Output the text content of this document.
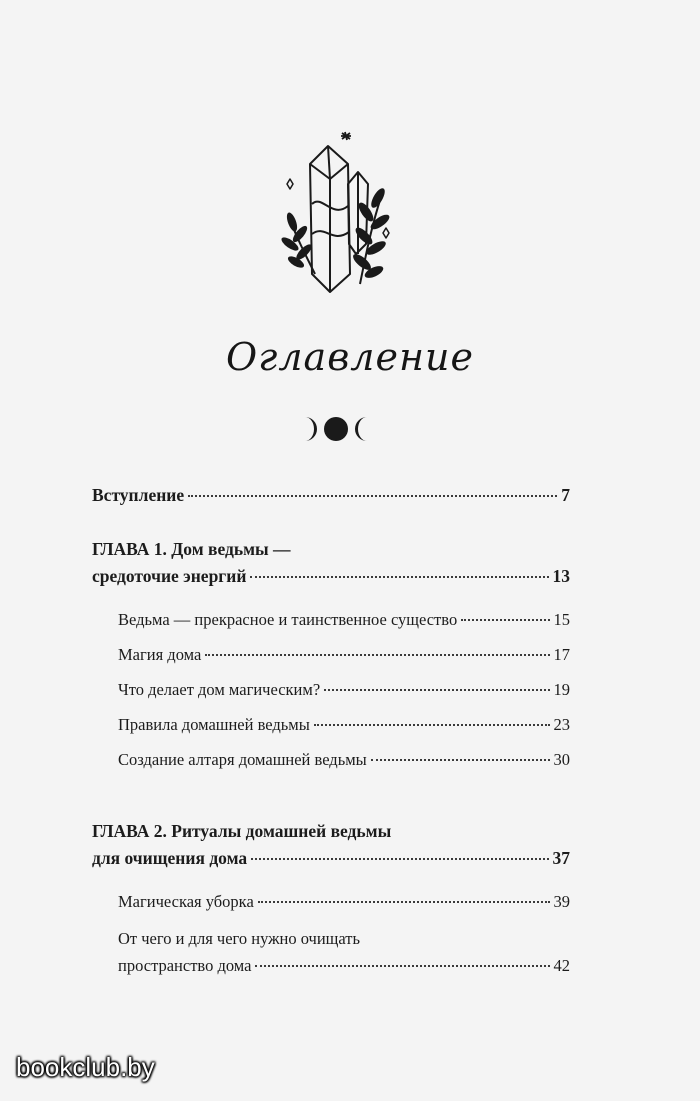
Оглавление
Вступление	7
ГЛАВА 1. Дом ведьмы —
средоточие энергий	13
Ведьма — прекрасное и таинственное существо	15
Магия дома	17
Что делает дом магическим?	19
Правила домашней ведьмы	23
Создание алтаря домашней ведьмы	30
ГЛАВА 2. Ритуалы домашней ведьмы
для очищения дома	37
Магическая уборка	39
От чего и для чего нужно очищать
пространство дома	42
bookclub.by
